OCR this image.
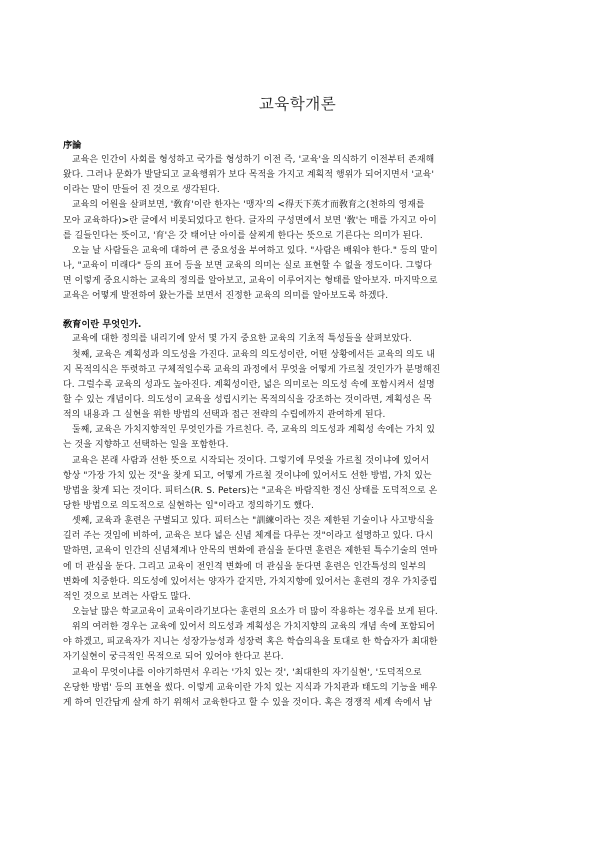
교육학개론
序論
교육은 인간이 사회를 형성하고 국가를 형성하기 이전 즉, '교육'을 의식하기 이전부터 존재해
왔다. 그러나 문화가 발달되고 교육행위가 보다 목적을 가지고 계획적 행위가 되어지면서 '교육'
이라는 말이 만들어 진 것으로 생각된다.
교육의 어원을 살펴보면, '敎育'이란 한자는 '맹자'의 <得天下英才而敎育之(천하의 영재를
모아 교육하다)>란 글에서 비롯되었다고 한다. 글자의 구성면에서 보면 '敎'는 매를 가지고 아이
를 길들인다는 뜻이고, '育'은 갓 태어난 아이를 살찌게 한다는 뜻으로 기른다는 의미가 된다.
오늘 날 사람들은 교육에 대하여 큰 중요성을 부여하고 있다. "사람은 배워야 한다." 등의 말이
나, "교육이 미래다" 등의 표어 등을 보면 교육의 의미는 실로 표현할 수 없을 정도이다. 그렇다
면 이렇게 중요시하는 교육의 정의를 알아보고, 교육이 이루어지는 형태를 알아보자. 마지막으로
교육은 어떻게 발전하여 왔는가를 보면서 진정한 교육의 의미를 알아보도록 하겠다.
敎育이란 무엇인가.
교육에 대한 정의를 내리기에 앞서 몇 가지 중요한 교육의 기초적 특성들을 살펴보았다.
첫째, 교육은 계획성과 의도성을 가진다. 교육의 의도성이란, 어떤 상황에서든 교육의 의도 내
지 목적의식은 뚜렷하고 구체적일수록 교육의 과정에서 무엇을 어떻게 가르칠 것인가가 분명해진
다. 그럴수록 교육의 성과도 높아진다. 계획성이란, 넓은 의미로는 의도성 속에 포함시켜서 설명
할 수 있는 개념이다. 의도성이 교육을 성립시키는 목적의식을 강조하는 것이라면, 계획성은 목
적의 내용과 그 실현을 위한 방법의 선택과 접근 전략의 수립에까지 관여하게 된다.
둘째, 교육은 가치지향적인 무엇인가를 가르친다. 즉, 교육의 의도성과 계획성 속에는 가치 있
는 것을 지향하고 선택하는 일을 포함한다.
교육은 본래 사람과 선한 뜻으로 시작되는 것이다. 그렇기에 무엇을 가르칠 것이냐에 있어서
항상 "가장 가치 있는 것"을 찾게 되고, 어떻게 가르칠 것이냐에 있어서도 선한 방법, 가치 있는
방법을 찾게 되는 것이다. 피터스(R. S. Peters)는 "교육은 바람직한 정신 상태를 도덕적으로 온
당한 방법으로 의도적으로 실현하는 일"이라고 정의하기도 했다.
셋째, 교육과 훈련은 구별되고 있다. 피터스는 "訓練이라는 것은 제한된 기술이나 사고방식을
길러 주는 것임에 비하여, 교육은 보다 넓은 신념 체계를 다루는 것"이라고 설명하고 있다. 다시
말하면, 교육이 인간의 신념체계나 안목의 변화에 관심을 둔다면 훈련은 제한된 특수기술의 연마
에 더 관심을 둔다. 그리고 교육이 전인격 변화에 더 관심을 둔다면 훈련은 인간특성의 일부의
변화에 치중한다. 의도성에 있어서는 양자가 같지만, 가치지향에 있어서는 훈련의 경우 가치중립
적인 것으로 보려는 사람도 많다.
오늘날 많은 학교교육이 교육이라기보다는 훈련의 요소가 더 많이 작용하는 경우를 보게 된다.
위의 여러한 경우는 교육에 있어서 의도성과 계획성은 가치지향의 교육의 개념 속에 포함되어
야 하겠고, 피교육자가 지니는 성장가능성과 성장력 혹은 학습의욕을 토대로 한 학습자가 최대한
자기실현이 궁극적인 목적으로 되어 있어야 한다고 본다.
교육이 무엇이냐를 이야기하면서 우리는 '가치 있는 것', '최대한의 자기실현', '도덕적으로
온당한 방법' 등의 표현을 썼다. 이렇게 교육이란 가치 있는 지식과 가치관과 태도의 기능을 배우
게 하여 인간답게 살게 하기 위해서 교육한다고 할 수 있을 것이다. 혹은 경쟁적 세계 속에서 남
